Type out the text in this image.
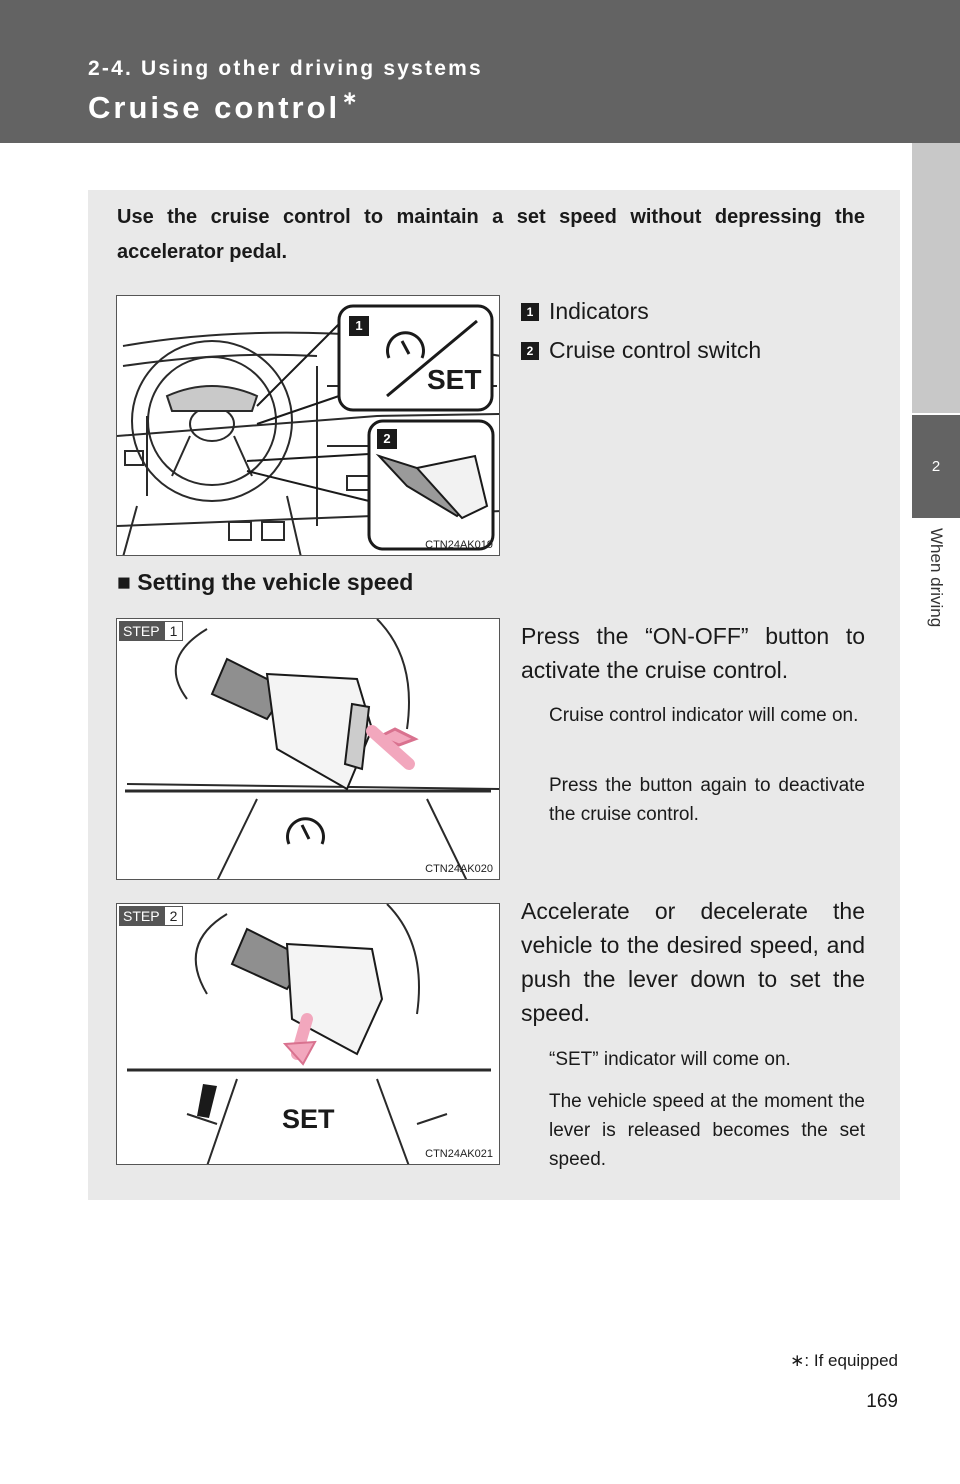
2-4. Using other driving systems
Cruise control ∗
2
When driving
Use the cruise control to maintain a set speed without depressing the accelerator pedal.
1
2
SET
CTN24AK019
1 Indicators
2 Cruise control switch
■ Setting the vehicle speed
STEP 1
CTN24AK020
Press the “ON-OFF” button to activate the cruise control.
Cruise control indicator will come on.
Press the button again to deactivate the cruise control.
STEP 2
SET
CTN24AK021
Accelerate or decelerate the vehicle to the desired speed, and push the lever down to set the speed.
“SET” indicator will come on.
The vehicle speed at the moment the lever is released becomes the set speed.
∗: If equipped
169
